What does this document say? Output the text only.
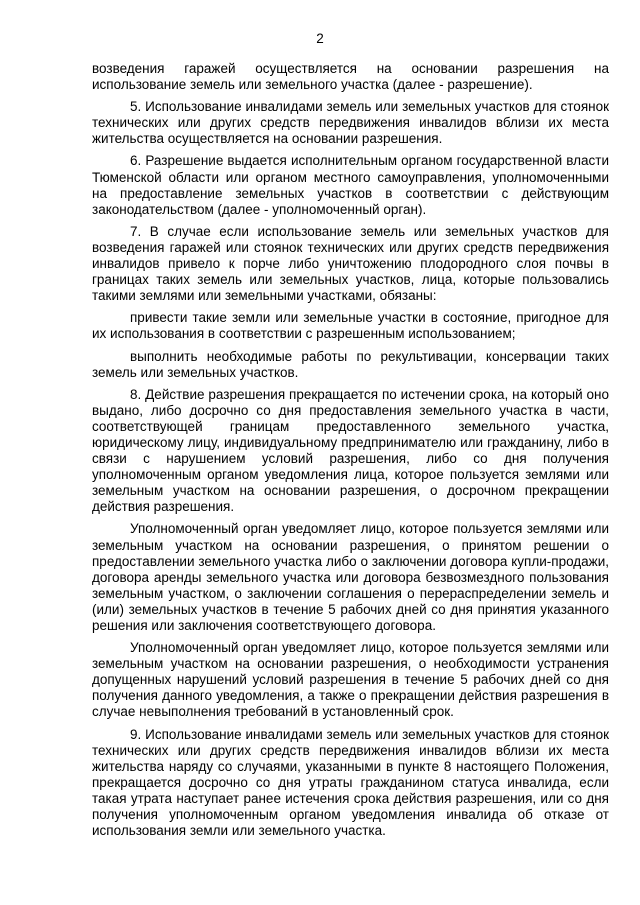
2

возведения гаражей осуществляется на основании разрешения на использование земель или земельного участка (далее - разрешение).

5. Использование инвалидами земель или земельных участков для стоянок технических или других средств передвижения инвалидов вблизи их места жительства осуществляется на основании разрешения.

6. Разрешение выдается исполнительным органом государственной власти Тюменской области или органом местного самоуправления, уполномоченными на предоставление земельных участков в соответствии с действующим законодательством (далее - уполномоченный орган).

7. В случае если использование земель или земельных участков для возведения гаражей или стоянок технических или других средств передвижения инвалидов привело к порче либо уничтожению плодородного слоя почвы в границах таких земель или земельных участков, лица, которые пользовались такими землями или земельными участками, обязаны:

привести такие земли или земельные участки в состояние, пригодное для их использования в соответствии с разрешенным использованием;

выполнить необходимые работы по рекультивации, консервации таких земель или земельных участков.

8. Действие разрешения прекращается по истечении срока, на который оно выдано, либо досрочно со дня предоставления земельного участка в части, соответствующей границам предоставленного земельного участка, юридическому лицу, индивидуальному предпринимателю или гражданину, либо в связи с нарушением условий разрешения, либо со дня получения уполномоченным органом уведомления лица, которое пользуется землями или земельным участком на основании разрешения, о досрочном прекращении действия разрешения.

Уполномоченный орган уведомляет лицо, которое пользуется землями или земельным участком на основании разрешения, о принятом решении о предоставлении земельного участка либо о заключении договора купли-продажи, договора аренды земельного участка или договора безвозмездного пользования земельным участком, о заключении соглашения о перераспределении земель и (или) земельных участков в течение 5 рабочих дней со дня принятия указанного решения или заключения соответствующего договора.

Уполномоченный орган уведомляет лицо, которое пользуется землями или земельным участком на основании разрешения, о необходимости устранения допущенных нарушений условий разрешения в течение 5 рабочих дней со дня получения данного уведомления, а также о прекращении действия разрешения в случае невыполнения требований в установленный срок.

9. Использование инвалидами земель или земельных участков для стоянок технических или других средств передвижения инвалидов вблизи их места жительства наряду со случаями, указанными в пункте 8 настоящего Положения, прекращается досрочно со дня утраты гражданином статуса инвалида, если такая утрата наступает ранее истечения срока действия разрешения, или со дня получения уполномоченным органом уведомления инвалида об отказе от использования земли или земельного участка.
